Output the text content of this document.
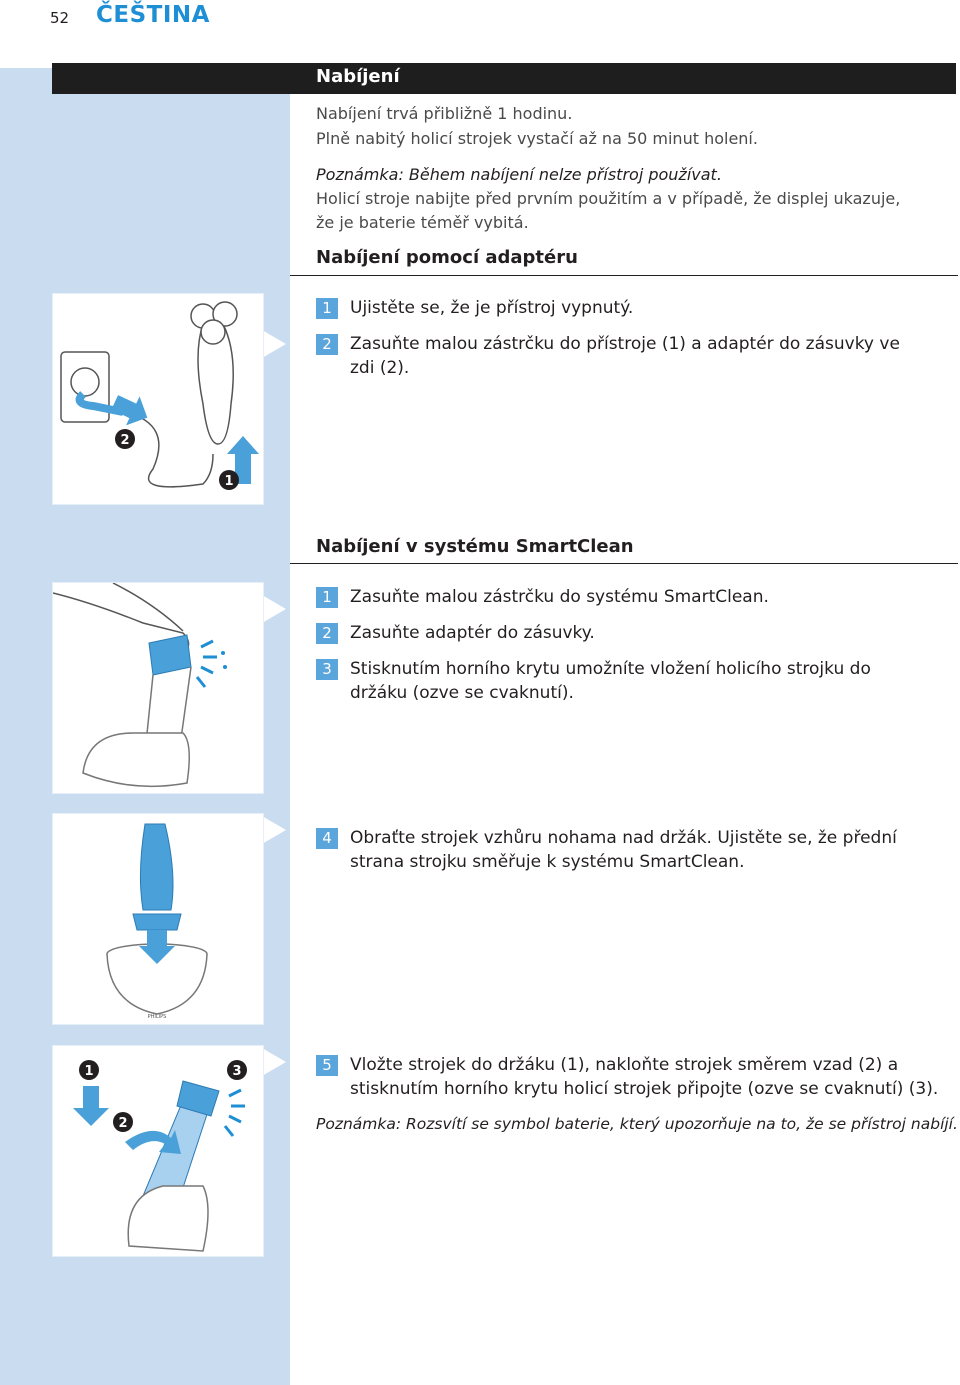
52 ČEŠTINA
Nabíjení
Nabíjení trvá přibližně 1 hodinu.
Plně nabitý holicí strojek vystačí až na 50 minut holení.
Poznámka: Během nabíjení nelze přístroj používat.
Holicí stroje nabijte před prvním použitím a v případě, že displej ukazuje,
že je baterie téměř vybitá.
Nabíjení pomocí adaptéru
1	Ujistěte se, že je přístroj vypnutý.
2	Zasuňte malou zástrčku do přístroje (1) a adaptér do zásuvky ve
zdi (2).
2
1
Nabíjení v systému SmartClean
1	Zasuňte malou zástrčku do systému SmartClean.
2	Zasuňte adaptér do zásuvky.
3	Stisknutím horního krytu umožníte vložení holicího strojku do
držáku (ozve se cvaknutí).
4	Obraťte strojek vzhůru nohama nad držák. Ujistěte se, že přední
strana strojku směřuje k systému SmartClean.
PHILIPS
5	Vložte strojek do držáku (1), nakloňte strojek směrem vzad (2) a
stisknutím horního krytu holicí strojek připojte (ozve se cvaknutí) (3).
Poznámka: Rozsvítí se symbol baterie, který upozorňuje na to, že se přístroj nabíjí.
1	3
2
